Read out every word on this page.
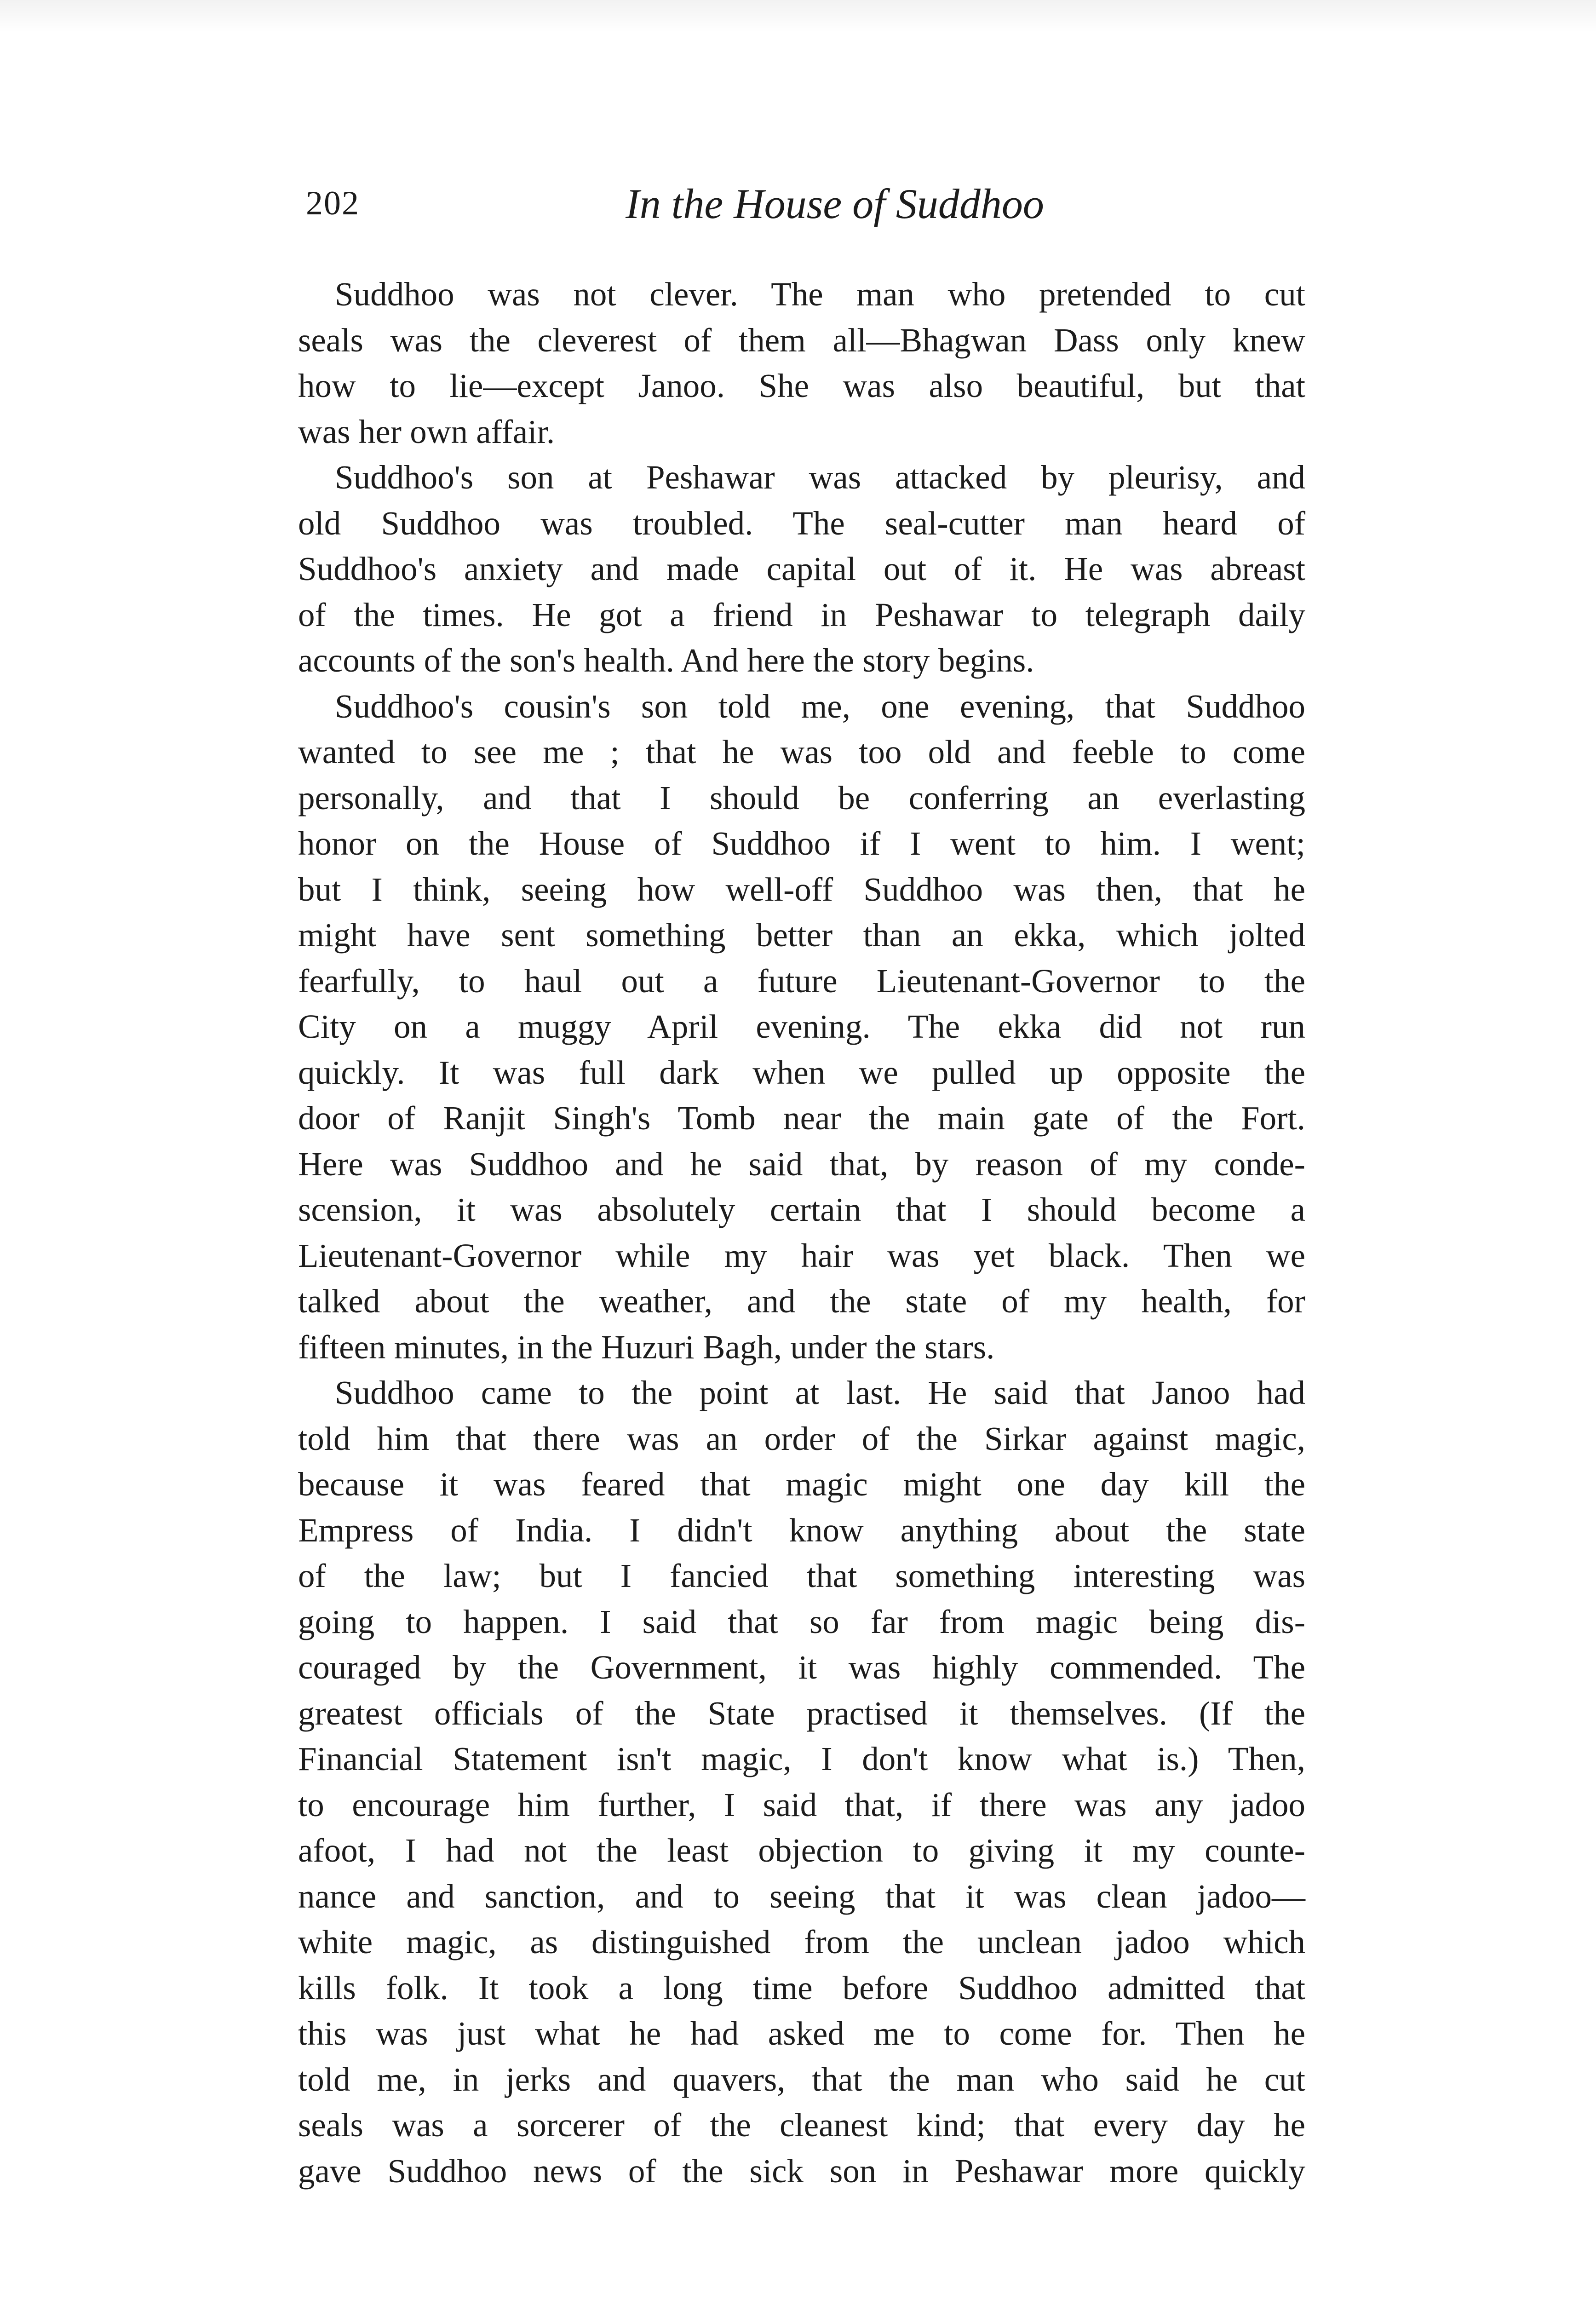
202	In the House of Suddhoo
Suddhoo was not clever. The man who pretended to cut
seals was the cleverest of them all—Bhagwan Dass only knew
how to lie—except Janoo. She was also beautiful, but that
was her own affair.
Suddhoo's son at Peshawar was attacked by pleurisy, and
old Suddhoo was troubled. The seal-cutter man heard of
Suddhoo's anxiety and made capital out of it. He was abreast
of the times. He got a friend in Peshawar to telegraph daily
accounts of the son's health. And here the story begins.
Suddhoo's cousin's son told me, one evening, that Suddhoo
wanted to see me ; that he was too old and feeble to come
personally, and that I should be conferring an everlasting
honor on the House of Suddhoo if I went to him. I went;
but I think, seeing how well-off Suddhoo was then, that he
might have sent something better than an ekka, which jolted
fearfully, to haul out a future Lieutenant-Governor to the
City on a muggy April evening. The ekka did not run
quickly. It was full dark when we pulled up opposite the
door of Ranjit Singh's Tomb near the main gate of the Fort.
Here was Suddhoo and he said that, by reason of my conde-
scension, it was absolutely certain that I should become a
Lieutenant-Governor while my hair was yet black. Then we
talked about the weather, and the state of my health, for
fifteen minutes, in the Huzuri Bagh, under the stars.
Suddhoo came to the point at last. He said that Janoo had
told him that there was an order of the Sirkar against magic,
because it was feared that magic might one day kill the
Empress of India. I didn't know anything about the state
of the law; but I fancied that something interesting was
going to happen. I said that so far from magic being dis-
couraged by the Government, it was highly commended. The
greatest officials of the State practised it themselves. (If the
Financial Statement isn't magic, I don't know what is.) Then,
to encourage him further, I said that, if there was any jadoo
afoot, I had not the least objection to giving it my counte-
nance and sanction, and to seeing that it was clean jadoo—
white magic, as distinguished from the unclean jadoo which
kills folk. It took a long time before Suddhoo admitted that
this was just what he had asked me to come for. Then he
told me, in jerks and quavers, that the man who said he cut
seals was a sorcerer of the cleanest kind; that every day he
gave Suddhoo news of the sick son in Peshawar more quickly
